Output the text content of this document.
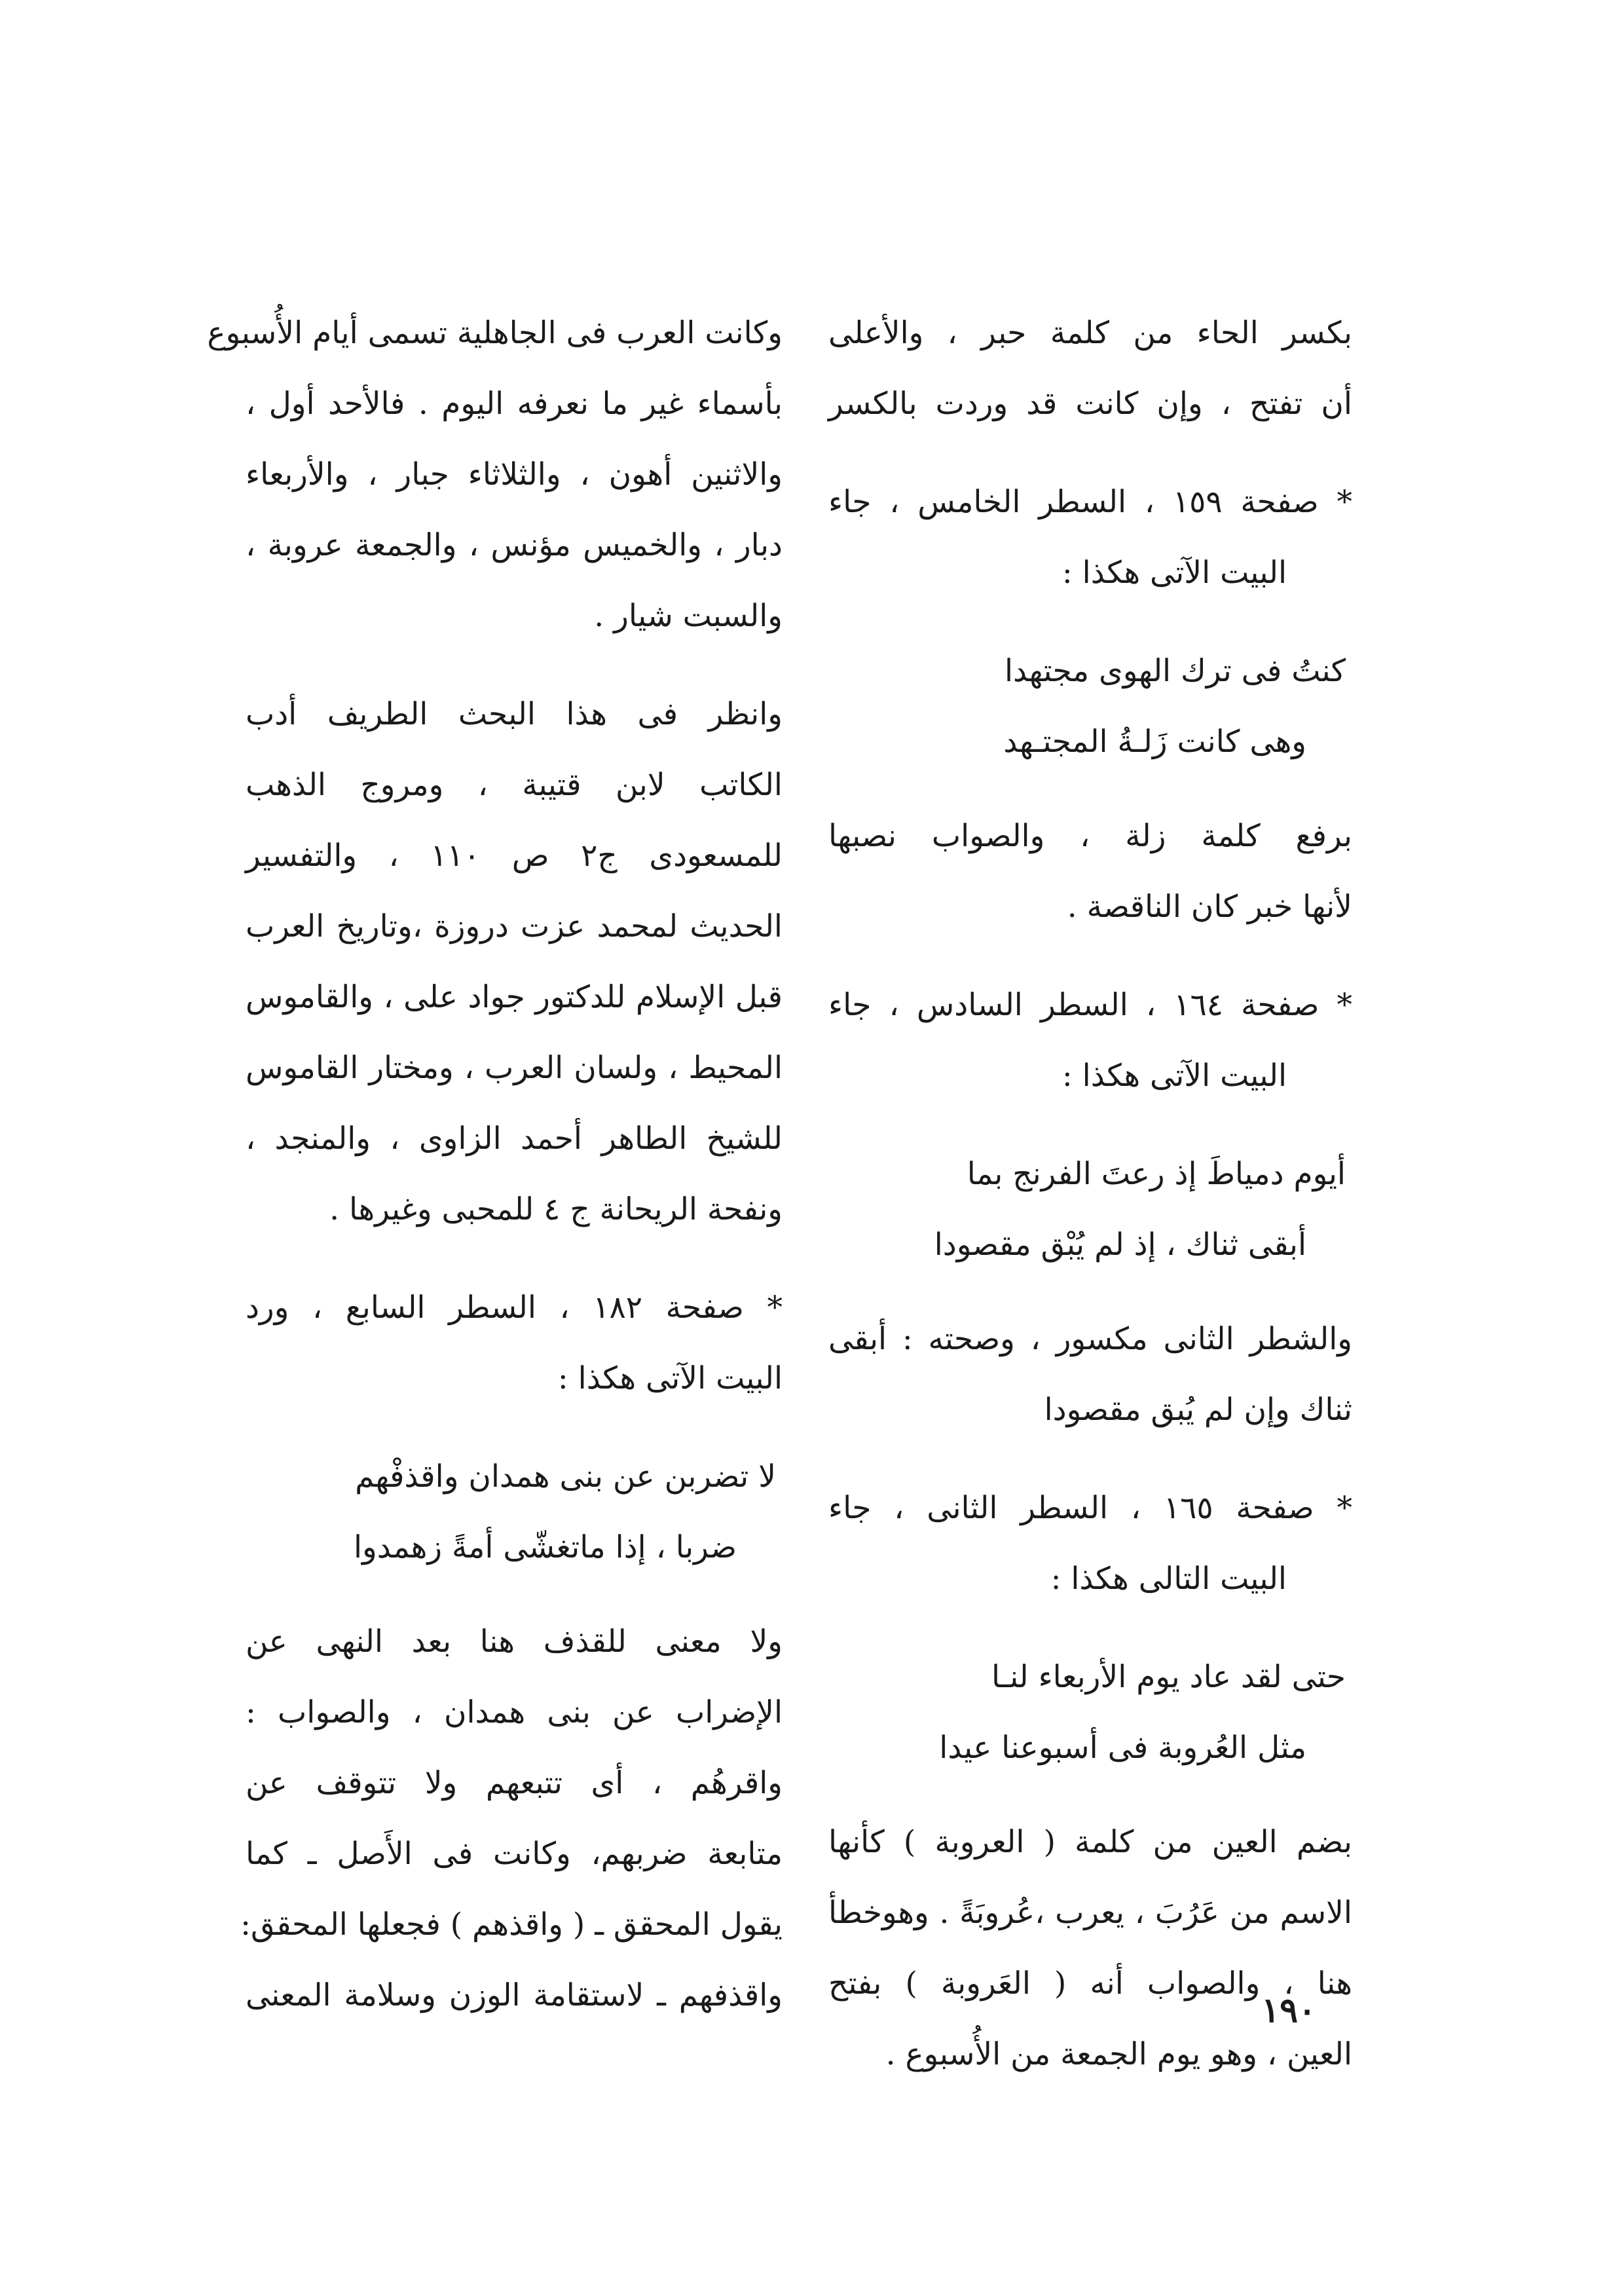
بكسر الحاء من كلمة حبر ، والأعلى
أن تفتح ، وإن كانت قد وردت بالكسر
* صفحة ١٥٩ ، السطر الخامس ، جاء
البيت الآتى هكذا :
كنتُ فى ترك الهوى مجتهدا
وهى كانت زَلـةُ المجتـهد
برفع كلمة زلة ، والصواب نصبها
لأنها خبر كان الناقصة .
* صفحة ١٦٤ ، السطر السادس ، جاء
البيت الآتى هكذا :
أيوم دمياطَ إذ رعتَ الفرنج بما
أبقى ثناك ، إذ لم يُبْق مقصودا
والشطر الثانى مكسور ، وصحته : أبقى
ثناك وإن لم يُبق مقصودا
* صفحة ١٦٥ ، السطر الثانى ، جاء
البيت التالى هكذا :
حتى لقد عاد يوم الأربعاء لنـا
مثل العُروبة فى أسبوعنا عيدا
بضم العين من كلمة ( العروبة ) كأنها
الاسم من عَرُبَ ، يعرب ،عُروبَةً . وهوخطأ
هنا ، والصواب أنه ( العَروبة ) بفتح
العين ، وهو يوم الجمعة من الأُسبوع .
وكانت العرب فى الجاهلية تسمى أيام الأُسبوع
بأسماء غير ما نعرفه اليوم . فالأحد أول ،
والاثنين أهون ، والثلاثاء جبار ، والأربعاء
دبار ، والخميس مؤنس ، والجمعة عروبة ،
والسبت شيار .
وانظر فى هذا البحث الطريف أدب
الكاتب لابن قتيبة ، ومروج الذهب
للمسعودى ج٢ ص ١١٠ ، والتفسير
الحديث لمحمد عزت دروزة ،وتاريخ العرب
قبل الإسلام للدكتور جواد على ، والقاموس
المحيط ، ولسان العرب ، ومختار القاموس
للشيخ الطاهر أحمد الزاوى ، والمنجد ،
ونفحة الريحانة ج ٤ للمحبى وغيرها .
* صفحة ١٨٢ ، السطر السابع ، ورد
البيت الآتى هكذا :
لا تضربن عن بنى همدان واقذفْهم
ضربا ، إذا ماتغشّى أمةً زهمدوا
ولا معنى للقذف هنا بعد النهى عن
الإضراب عن بنى همدان ، والصواب :
واقرهُم ، أى تتبعهم ولا تتوقف عن
متابعة ضربهم، وكانت فى الأَصل ـ كما
يقول المحقق ـ ( واقذهم ) فجعلها المحقق:
واقذفهم ـ لاستقامة الوزن وسلامة المعنى	١٩٠
